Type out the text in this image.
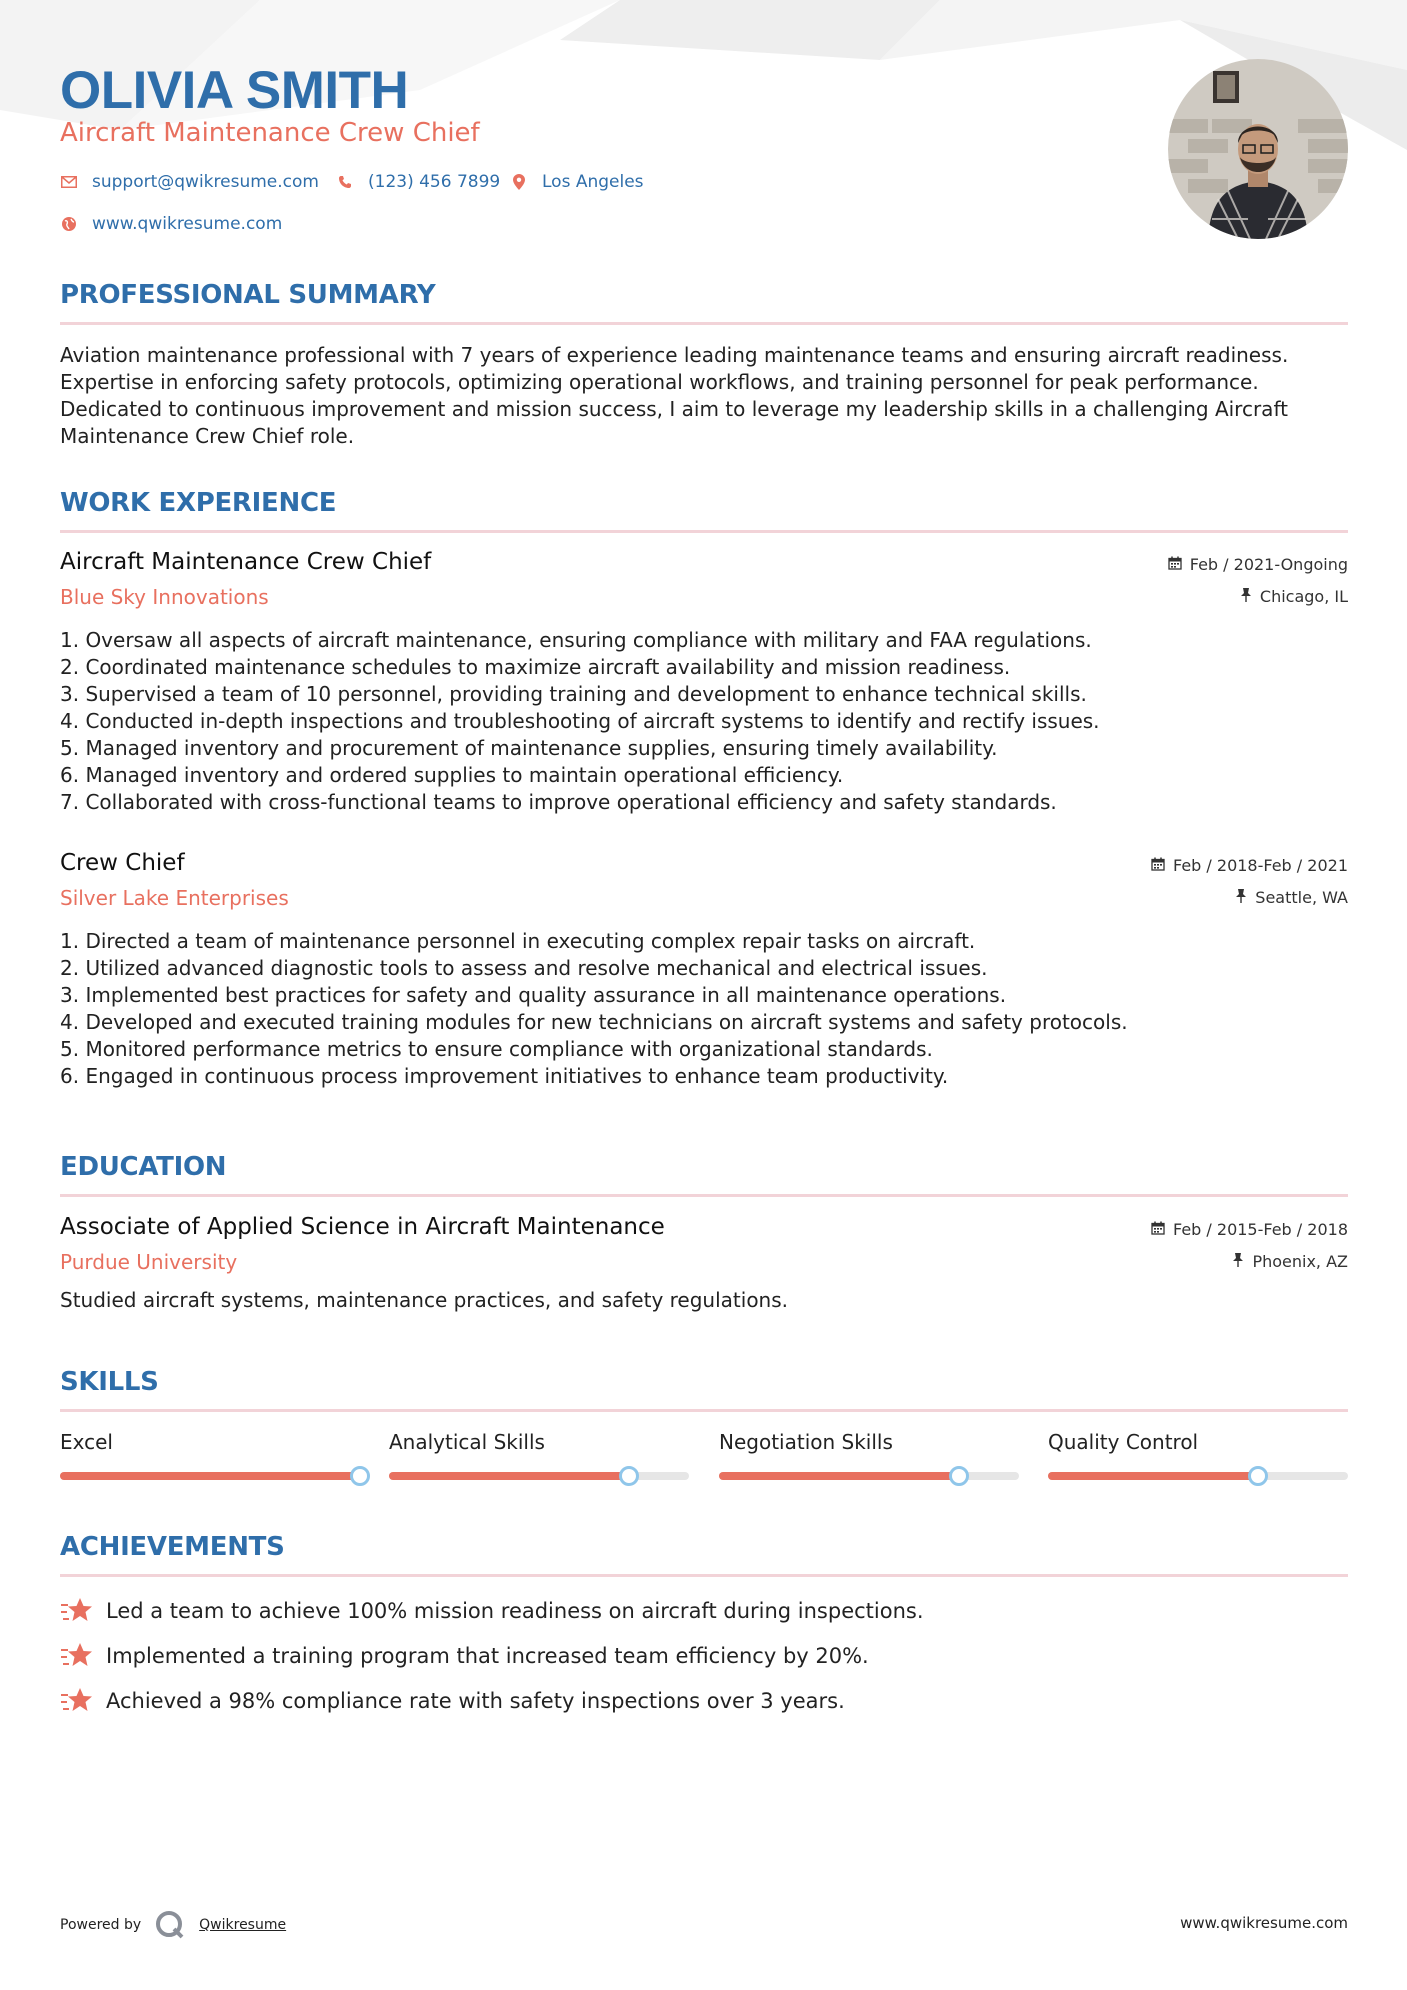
OLIVIA SMITH
Aircraft Maintenance Crew Chief
support@qwikresume.com	(123) 456 7899 Los Angeles
www.qwikresume.com
PROFESSIONAL SUMMARY
Aviation maintenance professional with 7 years of experience leading maintenance teams and ensuring aircraft readiness. Expertise in enforcing safety protocols, optimizing operational workflows, and training personnel for peak performance. Dedicated to continuous improvement and mission success, I aim to leverage my leadership skills in a challenging Aircraft Maintenance Crew Chief role.
WORK EXPERIENCE
Aircraft Maintenance Crew Chief
Blue Sky Innovations
Feb / 2021-Ongoing
Chicago, IL
1. Oversaw all aspects of aircraft maintenance, ensuring compliance with military and FAA regulations.
2. Coordinated maintenance schedules to maximize aircraft availability and mission readiness.
3. Supervised a team of 10 personnel, providing training and development to enhance technical skills.
4. Conducted in-depth inspections and troubleshooting of aircraft systems to identify and rectify issues.
5. Managed inventory and procurement of maintenance supplies, ensuring timely availability.
6. Managed inventory and ordered supplies to maintain operational efficiency.
7. Collaborated with cross-functional teams to improve operational efficiency and safety standards.
Crew Chief
Silver Lake Enterprises
Feb / 2018-Feb / 2021
Seattle, WA
1. Directed a team of maintenance personnel in executing complex repair tasks on aircraft.
2. Utilized advanced diagnostic tools to assess and resolve mechanical and electrical issues.
3. Implemented best practices for safety and quality assurance in all maintenance operations.
4. Developed and executed training modules for new technicians on aircraft systems and safety protocols.
5. Monitored performance metrics to ensure compliance with organizational standards.
6. Engaged in continuous process improvement initiatives to enhance team productivity.
EDUCATION
Associate of Applied Science in Aircraft Maintenance
Purdue University
Feb / 2015-Feb / 2018
Phoenix, AZ
Studied aircraft systems, maintenance practices, and safety regulations.
SKILLS
Excel	Analytical Skills	Negotiation Skills	Quality Control
ACHIEVEMENTS
Led a team to achieve 100% mission readiness on aircraft during inspections.
Implemented a training program that increased team efficiency by 20%.
Achieved a 98% compliance rate with safety inspections over 3 years.
Powered by	Qwikresume	www.qwikresume.com
